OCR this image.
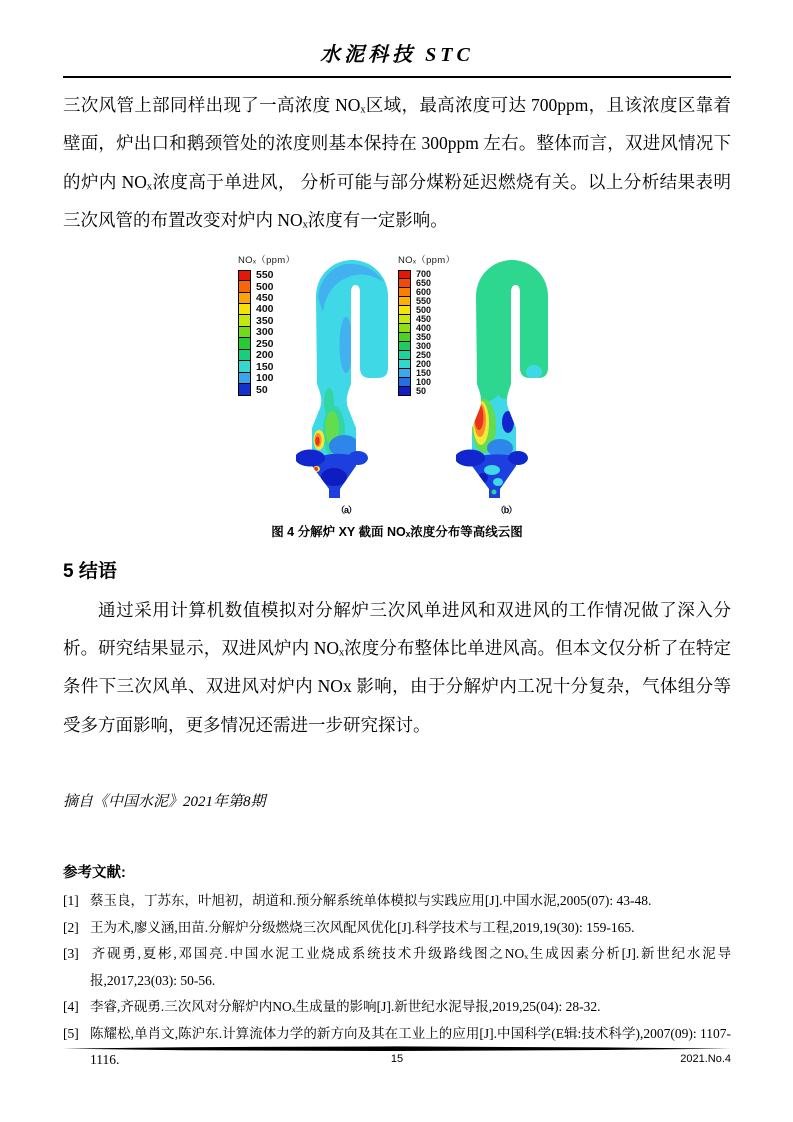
水泥科技 STC

三次风管上部同样出现了一高浓度 NOₓ区域，最高浓度可达 700ppm，且该浓度区靠着壁面，炉出口和鹅颈管处的浓度则基本保持在 300ppm 左右。整体而言，双进风情况下的炉内 NOₓ浓度高于单进风， 分析可能与部分煤粉延迟燃烧有关。以上分析结果表明三次风管的布置改变对炉内 NOₓ浓度有一定影响。

NOₓ（ppm）
550
500
450
400
350
300
250
200
150
100
50
（a）
NOₓ（ppm）
700
650
600
550
500
450
400
350
300
250
200
150
100
50
（b）
图 4 分解炉 XY 截面 NOₓ浓度分布等高线云图
5 结语

通过采用计算机数值模拟对分解炉三次风单进风和双进风的工作情况做了深入分析。研究结果显示，双进风炉内 NOₓ浓度分布整体比单进风高。但本文仅分析了在特定条件下三次风单、双进风对炉内 NOx 影响，由于分解炉内工况十分复杂，气体组分等受多方面影响，更多情况还需进一步研究探讨。

摘自《中国水泥》2021年第8期

参考文献:
[1] 蔡玉良，丁苏东，叶旭初，胡道和.预分解系统单体模拟与实践应用[J].中国水泥,2005(07): 43-48.
[2] 王为术,廖义涵,田苗.分解炉分级燃烧三次风配风优化[J].科学技术与工程,2019,19(30): 159-165.
[3] 齐砚勇,夏彬,邓国亮.中国水泥工业烧成系统技术升级路线图之NOₓ生成因素分析[J].新世纪水泥导报,2017,23(03): 50-56.
[4] 李睿,齐砚勇.三次风对分解炉内NOₓ生成量的影响[J].新世纪水泥导报,2019,25(04): 28-32.
[5] 陈耀松,单肖文,陈沪东.计算流体力学的新方向及其在工业上的应用[J].中国科学(E辑:技术科学),2007(09): 1107-1116.	15	2021.No.4
